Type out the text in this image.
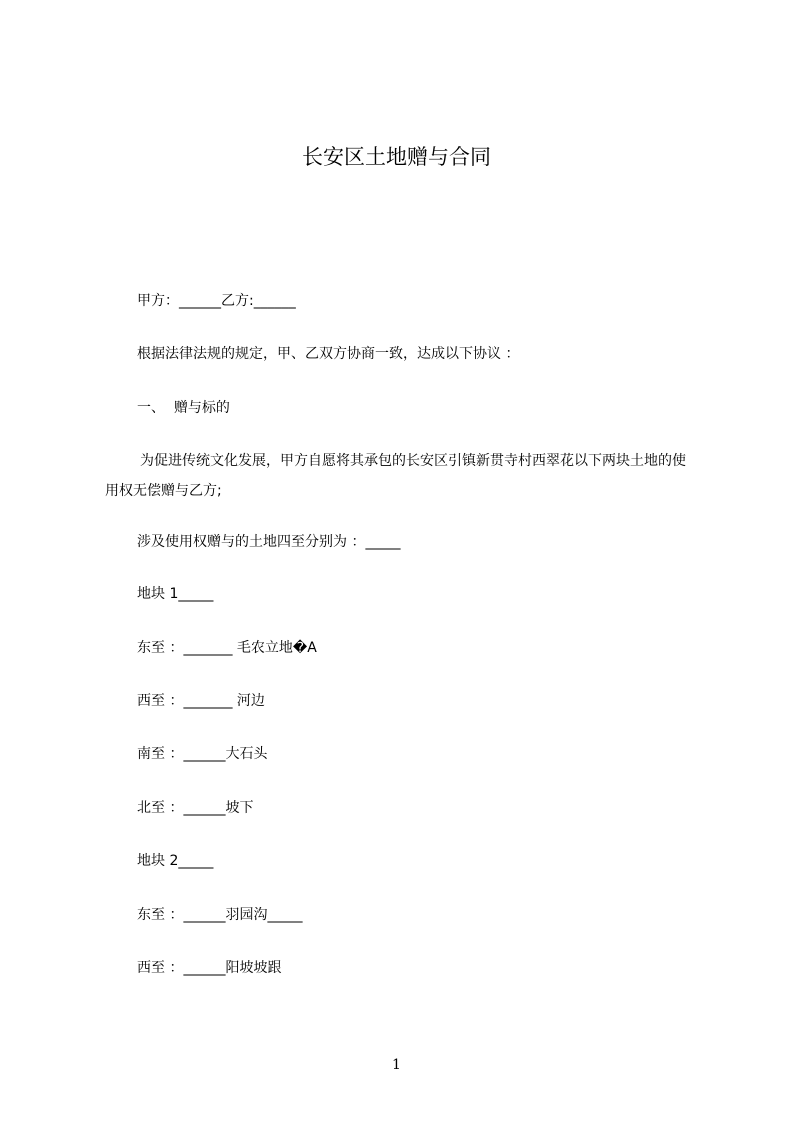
长安区土地赠与合同
甲方：______乙方:______
根据法律法规的规定，甲、乙双方协商一致，达成以下协议 ：
一、  赠与标的
为促进传统文化发展，甲方自愿将其承包的长安区引镇新贯寺村西翠花以下两块土地的使用权无偿赠与乙方;
涉及使用权赠与的土地四至分别为 ：_____
地块 1_____
东至 ：_______ 毛农立地�A
西至 ：_______ 河边
南至 ：______大石头
北至 ：______坡下
地块 2_____
东至 ：______羽园沟_____
西至 ：______阳坡坡跟
1
